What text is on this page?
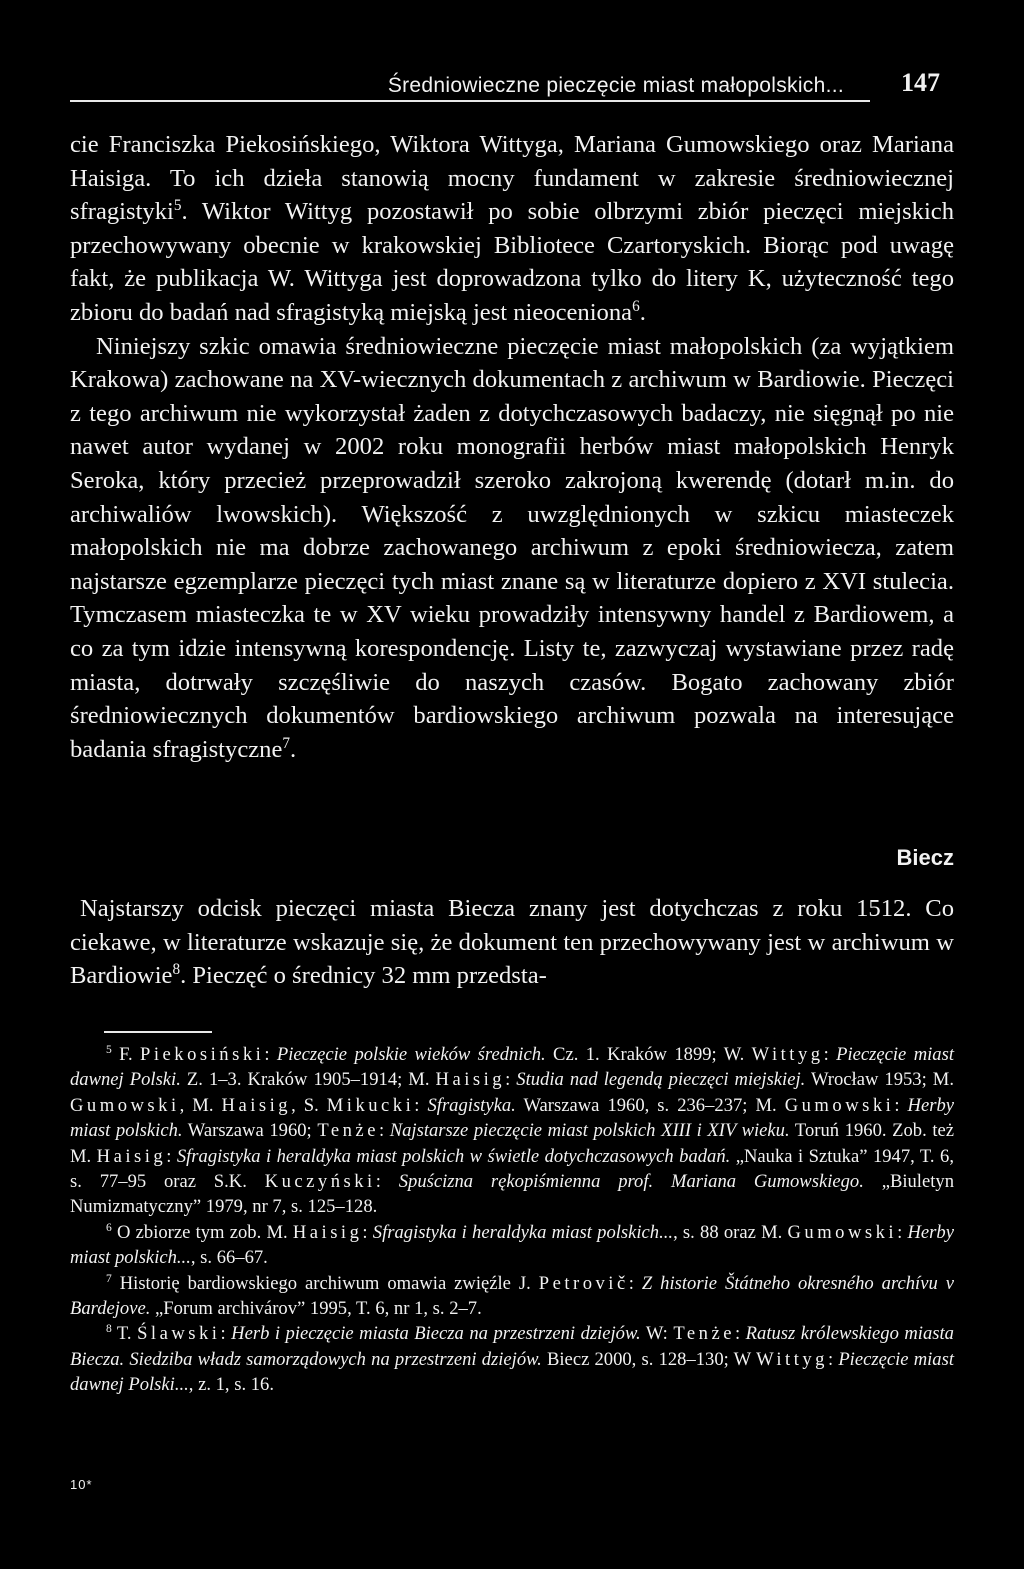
Średniowieczne pieczęcie miast małopolskich... 147

cie Franciszka Piekosińskiego, Wiktora Wittyga, Mariana Gumowskiego oraz Mariana Haisiga. To ich dzieła stanowią mocny fundament w zakresie średniowiecznej sfragistyki$^5$. Wiktor Wittyg pozostawił po sobie olbrzymi zbiór pieczęci miejskich przechowywany obecnie w krakowskiej Bibliotece Czartoryskich. Biorąc pod uwagę fakt, że publikacja W. Wittyga jest doprowadzona tylko do litery K, użyteczność tego zbioru do badań nad sfragistyką miejską jest nieoceniona$^6$.

Niniejszy szkic omawia średniowieczne pieczęcie miast małopolskich (za wyjątkiem Krakowa) zachowane na XV-wiecznych dokumentach z archiwum w Bardiowie. Pieczęci z tego archiwum nie wykorzystał żaden z dotychczasowych badaczy, nie sięgnął po nie nawet autor wydanej w 2002 roku monografii herbów miast małopolskich Henryk Seroka, który przecież przeprowadził szeroko zakrojoną kwerendę (dotarł m.in. do archiwaliów lwowskich). Większość z uwzględnionych w szkicu miasteczek małopolskich nie ma dobrze zachowanego archiwum z epoki średniowiecza, zatem najstarsze egzemplarze pieczęci tych miast znane są w literaturze dopiero z XVI stulecia. Tymczasem miasteczka te w XV wieku prowadziły intensywny handel z Bardiowem, a co za tym idzie intensywną korespondencję. Listy te, zazwyczaj wystawiane przez radę miasta, dotrwały szczęśliwie do naszych czasów. Bogato zachowany zbiór średniowiecznych dokumentów bardiowskiego archiwum pozwala na interesujące badania sfragistyczne$^7$.

Biecz

Najstarszy odcisk pieczęci miasta Biecza znany jest dotychczas z roku 1512. Co ciekawe, w literaturze wskazuje się, że dokument ten przechowywany jest w archiwum w Bardiowie$^8$. Pieczęć o średnicy 32 mm przedsta-

$^5$ F. Piekosiński: Pieczęcie polskie wieków średnich. Cz. 1. Kraków 1899; W. Wittyg: Pieczęcie miast dawnej Polski. Z. 1–3. Kraków 1905–1914; M. Haisig: Studia nad legendą pieczęci miejskiej. Wrocław 1953; M. Gumowski, M. Haisig, S. Mikucki: Sfragistyka. Warszawa 1960, s. 236–237; M. Gumowski: Herby miast polskich. Warszawa 1960; Tenże: Najstarsze pieczęcie miast polskich XIII i XIV wieku. Toruń 1960. Zob. też M. Haisig: Sfragistyka i heraldyka miast polskich w świetle dotychczasowych badań. „Nauka i Sztuka” 1947, T. 6, s. 77–95 oraz S.K. Kuczyński: Spuścizna rękopiśmienna prof. Mariana Gumowskiego. „Biuletyn Numizmatyczny” 1979, nr 7, s. 125–128.

$^6$ O zbiorze tym zob. M. Haisig: Sfragistyka i heraldyka miast polskich..., s. 88 oraz M. Gumowski: Herby miast polskich..., s. 66–67.

$^7$ Historię bardiowskiego archiwum omawia zwięźle J. Petrovič: Z historie Štátneho okresného archívu v Bardejove. „Forum archivárov” 1995, T. 6, nr 1, s. 2–7.

$^8$ T. Ślawski: Herb i pieczęcie miasta Biecza na przestrzeni dziejów. W: Tenże: Ratusz królewskiego miasta Biecza. Siedziba władz samorządowych na przestrzeni dziejów. Biecz 2000, s. 128–130; W Wittyg: Pieczęcie miast dawnej Polski..., z. 1, s. 16.

10*
